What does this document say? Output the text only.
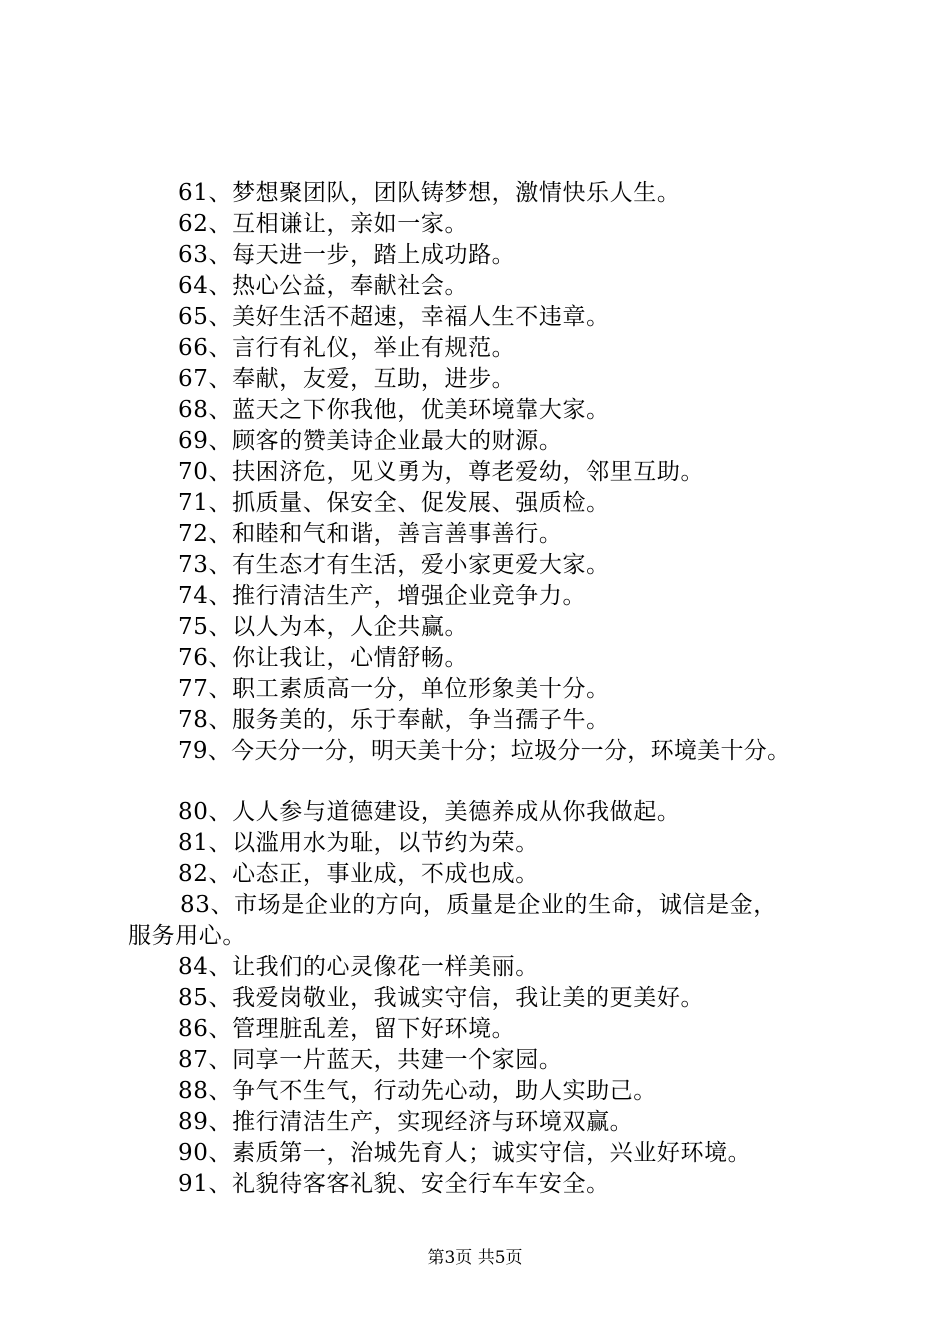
61、梦想聚团队，团队铸梦想，激情快乐人生。
62、互相谦让，亲如一家。
63、每天进一步，踏上成功路。
64、热心公益，奉献社会。
65、美好生活不超速，幸福人生不违章。
66、言行有礼仪，举止有规范。
67、奉献，友爱，互助，进步。
68、蓝天之下你我他，优美环境靠大家。
69、顾客的赞美诗企业最大的财源。
70、扶困济危，见义勇为，尊老爱幼，邻里互助。
71、抓质量、保安全、促发展、强质检。
72、和睦和气和谐，善言善事善行。
73、有生态才有生活，爱小家更爱大家。
74、推行清洁生产，增强企业竞争力。
75、以人为本，人企共赢。
76、你让我让，心情舒畅。
77、职工素质高一分，单位形象美十分。
78、服务美的，乐于奉献，争当孺子牛。
79、今天分一分，明天美十分；垃圾分一分，环境美十分。
80、人人参与道德建设，美德养成从你我做起。
81、以滥用水为耻，以节约为荣。
82、心态正，事业成，不成也成。
83、市场是企业的方向，质量是企业的生命，诚信是金，
服务用心。
84、让我们的心灵像花一样美丽。
85、我爱岗敬业，我诚实守信，我让美的更美好。
86、管理脏乱差，留下好环境。
87、同享一片蓝天，共建一个家园。
88、争气不生气，行动先心动，助人实助己。
89、推行清洁生产，实现经济与环境双赢。
90、素质第一，治城先育人；诚实守信，兴业好环境。
91、礼貌待客客礼貌、安全行车车安全。
第3页 共5页
